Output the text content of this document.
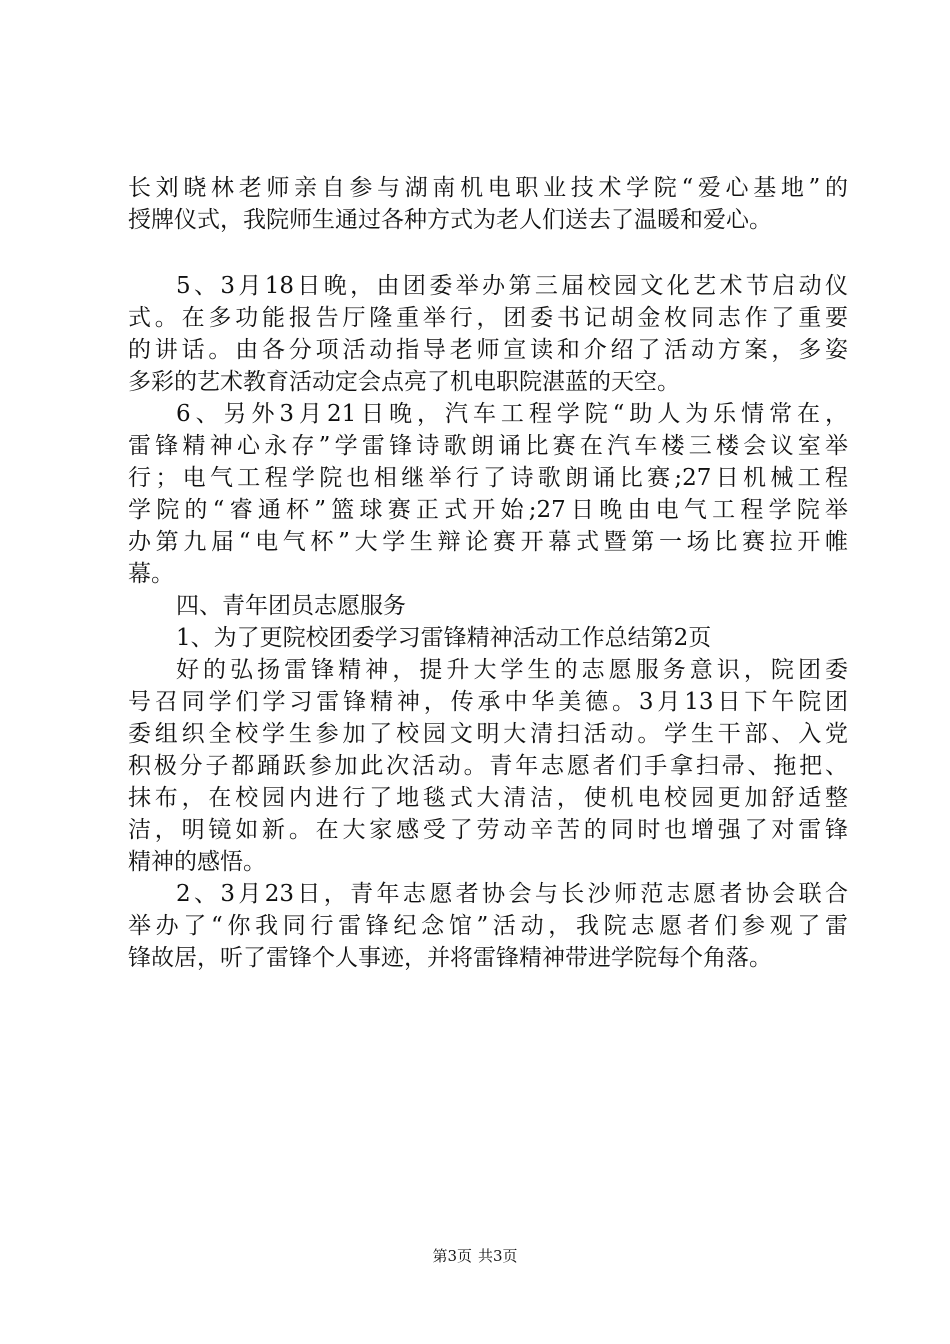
长刘晓林老师亲自参与湖南机电职业技术学院“爱心基地”的
授牌仪式，我院师生通过各种方式为老人们送去了温暖和爱心。
5、3月18日晚，由团委举办第三届校园文化艺术节启动仪
式。在多功能报告厅隆重举行，团委书记胡金枚同志作了重要
的讲话。由各分项活动指导老师宣读和介绍了活动方案，多姿
多彩的艺术教育活动定会点亮了机电职院湛蓝的天空。
6、另外3月21日晚，汽车工程学院“助人为乐情常在，
雷锋精神心永存”学雷锋诗歌朗诵比赛在汽车楼三楼会议室举
行；电气工程学院也相继举行了诗歌朗诵比赛;27日机械工程
学院的“睿通杯”篮球赛正式开始;27日晚由电气工程学院举
办第九届“电气杯”大学生辩论赛开幕式暨第一场比赛拉开帷
幕。
四、青年团员志愿服务
1、为了更院校团委学习雷锋精神活动工作总结第2页
好的弘扬雷锋精神，提升大学生的志愿服务意识，院团委
号召同学们学习雷锋精神，传承中华美德。3月13日下午院团
委组织全校学生参加了校园文明大清扫活动。学生干部、入党
积极分子都踊跃参加此次活动。青年志愿者们手拿扫帚、拖把、
抹布，在校园内进行了地毯式大清洁，使机电校园更加舒适整
洁，明镜如新。在大家感受了劳动辛苦的同时也增强了对雷锋
精神的感悟。
2、3月23日，青年志愿者协会与长沙师范志愿者协会联合
举办了“你我同行雷锋纪念馆”活动，我院志愿者们参观了雷
锋故居，听了雷锋个人事迹，并将雷锋精神带进学院每个角落。
第3页 共3页
